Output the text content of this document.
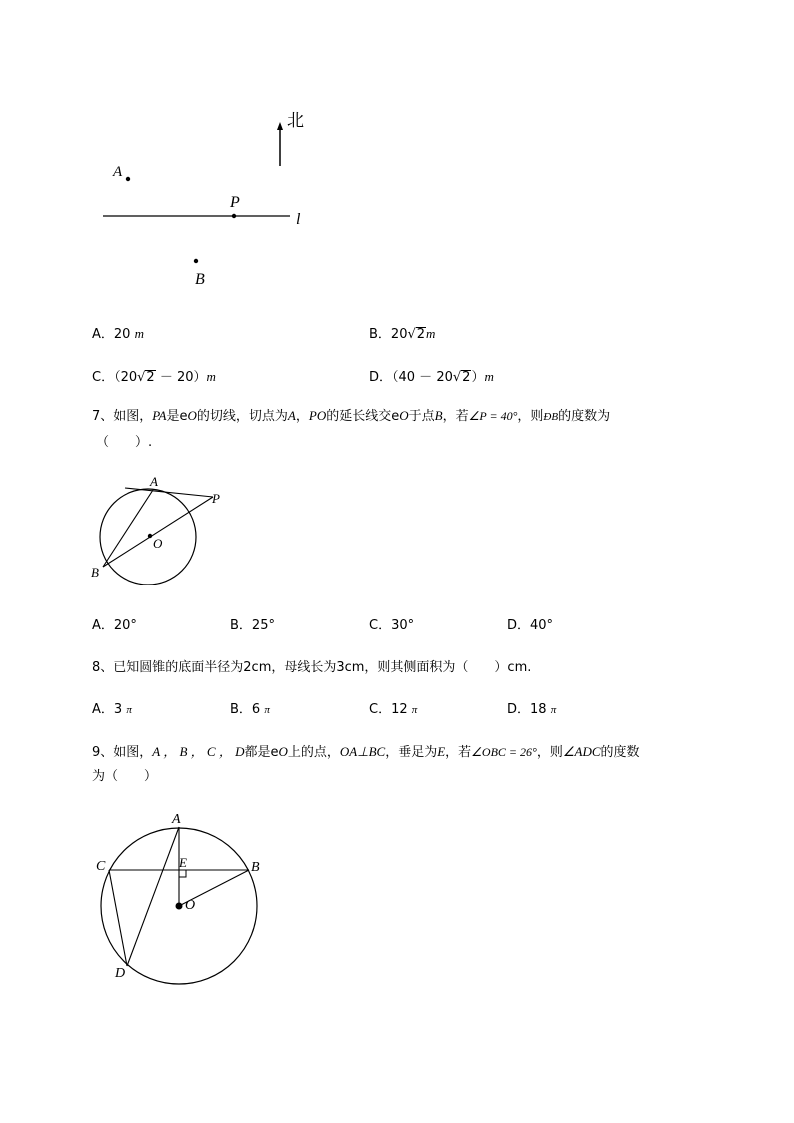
北
A
P
l
B
A．20 m	B．20√2m
C．（20√2 － 20）m	D．（40 － 20√2）m
7、如图，PA是eO的切线，切点为A，PO的延长线交eO于点B，若∠P = 40°，则ÐB的度数为
（　　）.
A
P
O
B
A．20°	B．25°	C．30°	D．40°
8、已知圆锥的底面半径为2cm，母线长为3cm，则其侧面积为（　　）cm.
A．3 π	B．6 π	C．12 π	D．18 π
9、如图，A ， B ， C ， D都是eO上的点，OA⊥BC，垂足为E，若∠OBC = 26°，则∠ADC的度数
为（　　）
A
C	E	B
O
D
